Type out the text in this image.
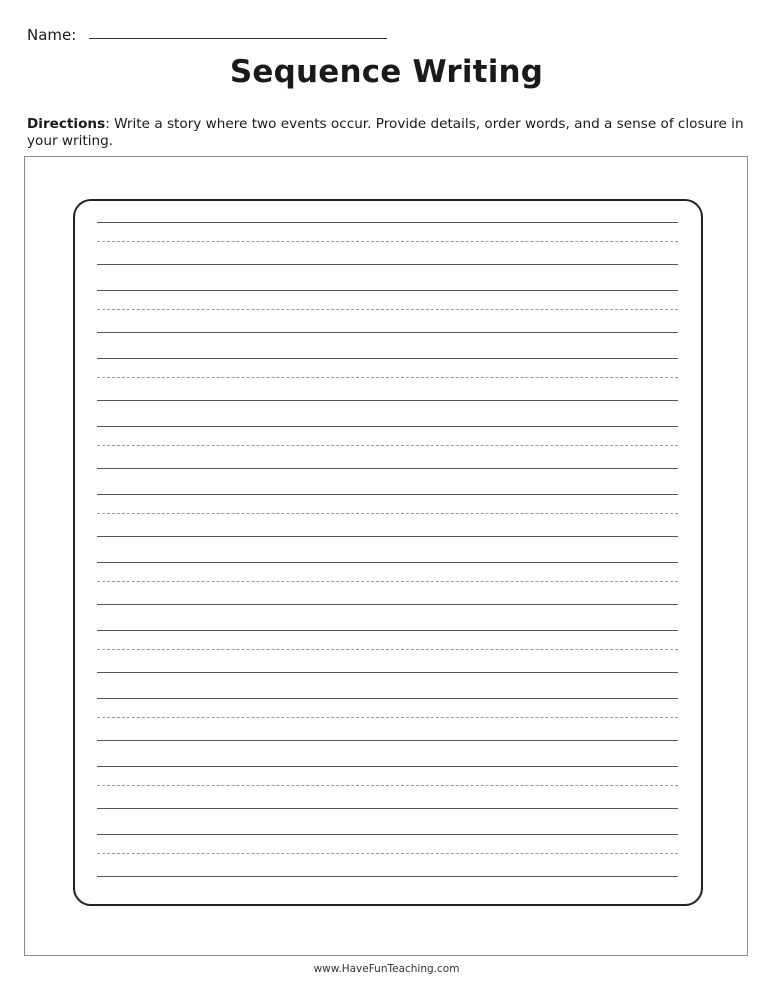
Name:
Sequence Writing
Directions: Write a story where two events occur. Provide details, order words, and a sense of closure in your writing.
www.HaveFunTeaching.com
